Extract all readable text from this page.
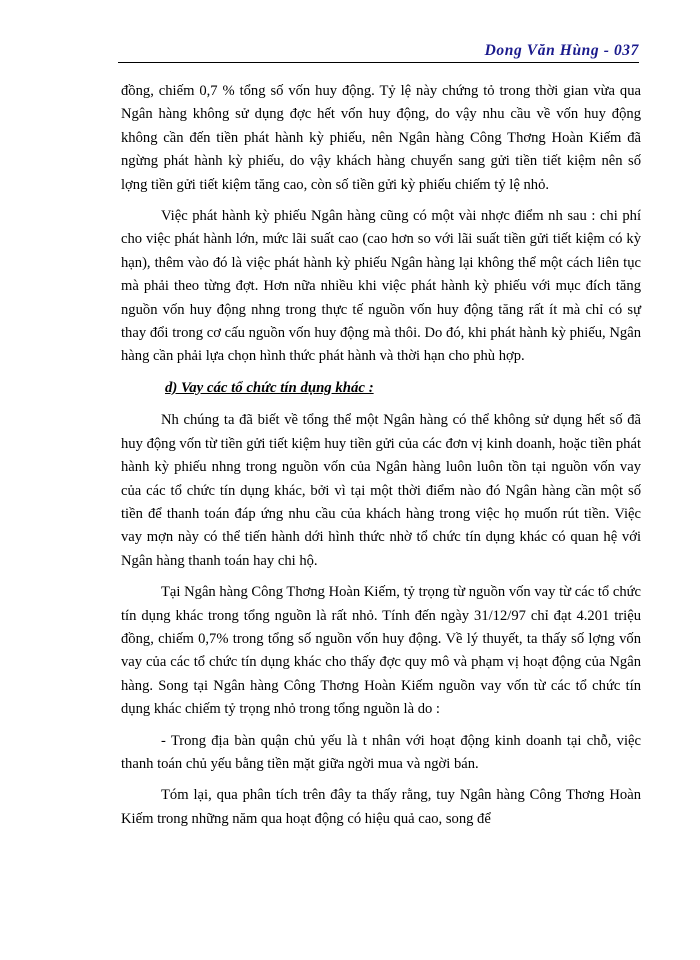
Dong Văn Hùng - 037

đồng, chiếm 0,7 % tổng số vốn huy động. Tỷ lệ này chứng tỏ trong thời gian vừa qua Ngân hàng không sử dụng đợc hết vốn huy động, do vậy nhu cầu về vốn huy động không cần đến tiền phát hành kỳ phiếu, nên Ngân hàng Công Thơng Hoàn Kiếm đã ngừng phát hành kỳ phiếu, do vậy khách hàng chuyển sang gửi tiền tiết kiệm nên số lợng tiền gửi tiết kiệm tăng cao, còn số tiền gửi kỳ phiếu chiếm tỷ lệ nhỏ.

Việc phát hành kỳ phiếu Ngân hàng cũng có một vài nhợc điểm nh sau : chi phí cho việc phát hành lớn, mức lãi suất cao (cao hơn so với lãi suất tiền gửi tiết kiệm có kỳ hạn), thêm vào đó là việc phát hành kỳ phiếu Ngân hàng lại không thể một cách liên tục mà phải theo từng đợt. Hơn nữa nhiều khi việc phát hành kỳ phiếu với mục đích tăng nguồn vốn huy động nhng trong thực tế nguồn vốn huy động tăng rất ít mà chỉ có sự thay đổi trong cơ cấu nguồn vốn huy động mà thôi. Do đó, khi phát hành kỳ phiếu, Ngân hàng cần phải lựa chọn hình thức phát hành và thời hạn cho phù hợp.

d) Vay các tổ chức tín dụng khác :

Nh chúng ta đã biết về tổng thể một Ngân hàng có thể không sử dụng hết số đã huy động vốn từ tiền gửi tiết kiệm huy tiền gửi của các đơn vị kinh doanh, hoặc tiền phát hành kỳ phiếu nhng trong nguồn vốn của Ngân hàng luôn luôn tồn tại nguồn vốn vay của các tổ chức tín dụng khác, bởi vì tại một thời điểm nào đó Ngân hàng cần một số tiền để thanh toán đáp ứng nhu cầu của khách hàng trong việc họ muốn rút tiền. Việc vay mợn này có thể tiến hành dới hình thức nhờ tổ chức tín dụng khác có quan hệ với Ngân hàng thanh toán hay chi hộ.

Tại Ngân hàng Công Thơng Hoàn Kiếm, tỷ trọng từ nguồn vốn vay từ các tổ chức tín dụng khác trong tổng nguồn là rất nhỏ. Tính đến ngày 31/12/97 chỉ đạt 4.201 triệu đồng, chiếm 0,7% trong tổng số nguồn vốn huy động. Về lý thuyết, ta thấy số lợng vốn vay của các tổ chức tín dụng khác cho thấy đợc quy mô và phạm vị hoạt động của Ngân hàng. Song tại Ngân hàng Công Thơng Hoàn Kiếm nguồn vay vốn từ các tổ chức tín dụng khác chiếm tỷ trọng nhỏ trong tổng nguồn là do :

- Trong địa bàn quận chủ yếu là t nhân với hoạt động kinh doanh tại chỗ, việc thanh toán chủ yếu bằng tiền mặt giữa ngời mua và ngời bán.

Tóm lại, qua phân tích trên đây ta thấy rằng, tuy Ngân hàng Công Thơng Hoàn Kiếm trong những năm qua hoạt động có hiệu quả cao, song để
